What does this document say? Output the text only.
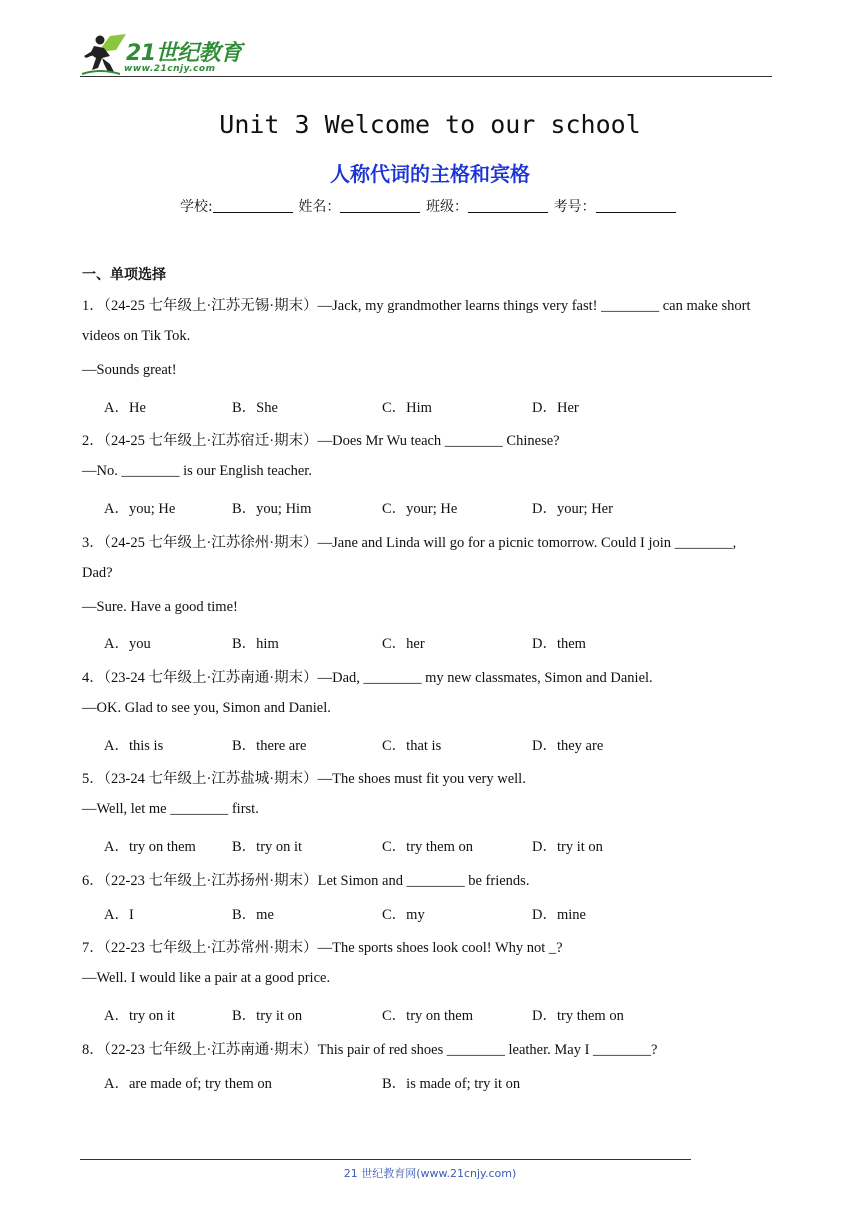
21世纪教育
www.21cnjy.com
Unit 3 Welcome to our school
人称代词的主格和宾格
学校:	姓名：	班级：	考号：
一、单项选择
1．（24-25 七年级上·江苏无锡·期末）—Jack, my grandmother learns things very fast! ________ can make short
videos on Tik Tok.
—Sounds great!
A．He	B．She	C．Him	D．Her
2．（24-25 七年级上·江苏宿迁·期末）—Does Mr Wu teach ________ Chinese?
—No. ________ is our English teacher.
A．you; He	B．you; Him	C．your; He	D．your; Her
3．（24-25 七年级上·江苏徐州·期末）—Jane and Linda will go for a picnic tomorrow. Could I join ________,
Dad?
—Sure. Have a good time!
A．you	B．him	C．her	D．them
4．（23-24 七年级上·江苏南通·期末）—Dad, ________ my new classmates, Simon and Daniel.
—OK. Glad to see you, Simon and Daniel.
A．this is	B．there are	C．that is	D．they are
5．（23-24 七年级上·江苏盐城·期末）—The shoes must fit you very well.
—Well, let me ________ first.
A．try on them B．try on it	C．try them on	D．try it on
6．（22-23 七年级上·江苏扬州·期末）Let Simon and ________ be friends.
A．I	B．me	C．my	D．mine
7．（22-23 七年级上·江苏常州·期末）—The sports shoes look cool! Why not _?
—Well. I would like a pair at a good price.
A．try on it	B．try it on	C．try on them	D．try them on
8．（22-23 七年级上·江苏南通·期末）This pair of red shoes ________ leather. May I ________?
A．are made of; try them on	B．is made of; try it on
21 世纪教育网(www.21cnjy.com)
